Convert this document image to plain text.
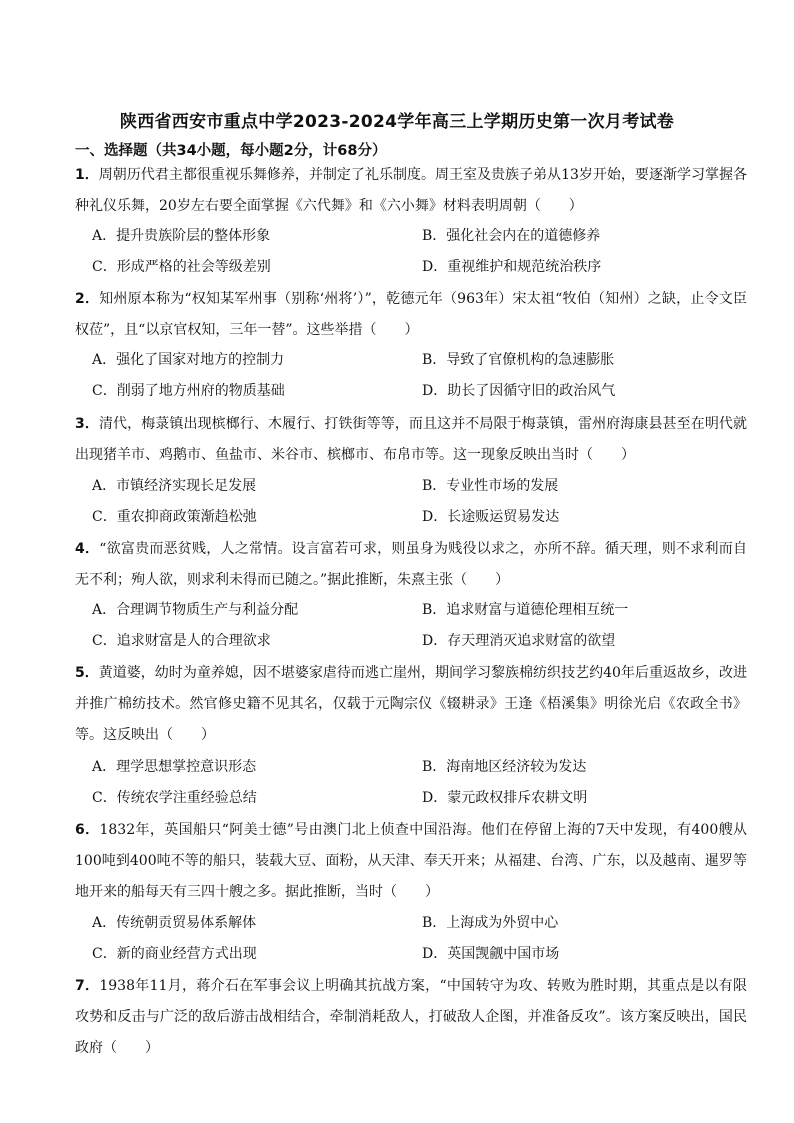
陕西省西安市重点中学2023-2024学年高三上学期历史第一次月考试卷
一、选择题（共34小题，每小题2分，计68分）
1．周朝历代君主都很重视乐舞修养，并制定了礼乐制度。周王室及贵族子弟从13岁开始，要逐渐学习掌握各种礼仪乐舞，20岁左右要全面掌握《六代舞》和《六小舞》材料表明周朝（　　）
A．提升贵族阶层的整体形象	B．强化社会内在的道德修养
C．形成严格的社会等级差别	D．重视维护和规范统治秩序
2．知州原本称为“权知某军州事（别称‘州将’）”，乾德元年（963年）宋太祖“牧伯（知州）之缺，止令文臣权莅”，且“以京官权知，三年一替”。这些举措（　　）
A．强化了国家对地方的控制力	B．导致了官僚机构的急速膨胀
C．削弱了地方州府的物质基础	D．助长了因循守旧的政治风气
3．清代，梅菉镇出现槟榔行、木履行、打铁街等等，而且这并不局限于梅菉镇，雷州府海康县甚至在明代就出现猪羊市、鸡鹅市、鱼盐市、米谷市、槟榔市、布帛市等。这一现象反映出当时（　　）
A．市镇经济实现长足发展	B．专业性市场的发展
C．重农抑商政策渐趋松弛	D．长途贩运贸易发达
4．“欲富贵而恶贫贱，人之常情。设言富若可求，则虽身为贱役以求之，亦所不辞。循天理，则不求利而自无不利；殉人欲，则求利未得而已随之。”据此推断，朱熹主张（　　）
A．合理调节物质生产与利益分配	B．追求财富与道德伦理相互统一
C．追求财富是人的合理欲求	D．存天理消灭追求财富的欲望
5．黄道婆，幼时为童养媳，因不堪婆家虐待而逃亡崖州，期间学习黎族棉纺织技艺约40年后重返故乡，改进并推广棉纺技术。然官修史籍不见其名，仅载于元陶宗仪《辍耕录》王逢《梧溪集》明徐光启《农政全书》等。这反映出（　　）
A．理学思想掌控意识形态	B．海南地区经济较为发达
C．传统农学注重经验总结	D．蒙元政权排斥农耕文明
6．1832年，英国船只“阿美士德”号由澳门北上侦查中国沿海。他们在停留上海的7天中发现，有400艘从100吨到400吨不等的船只，装载大豆、面粉，从天津、奉天开来；从福建、台湾、广东，以及越南、暹罗等地开来的船每天有三四十艘之多。据此推断，当时（　　）
A．传统朝贡贸易体系解体	B．上海成为外贸中心
C．新的商业经营方式出现	D．英国觊觎中国市场
7．1938年11月，蒋介石在军事会议上明确其抗战方案，“中国转守为攻、转败为胜时期，其重点是以有限攻势和反击与广泛的敌后游击战相结合，牵制消耗敌人，打破敌人企图，并准备反攻”。该方案反映出，国民政府（　　）
